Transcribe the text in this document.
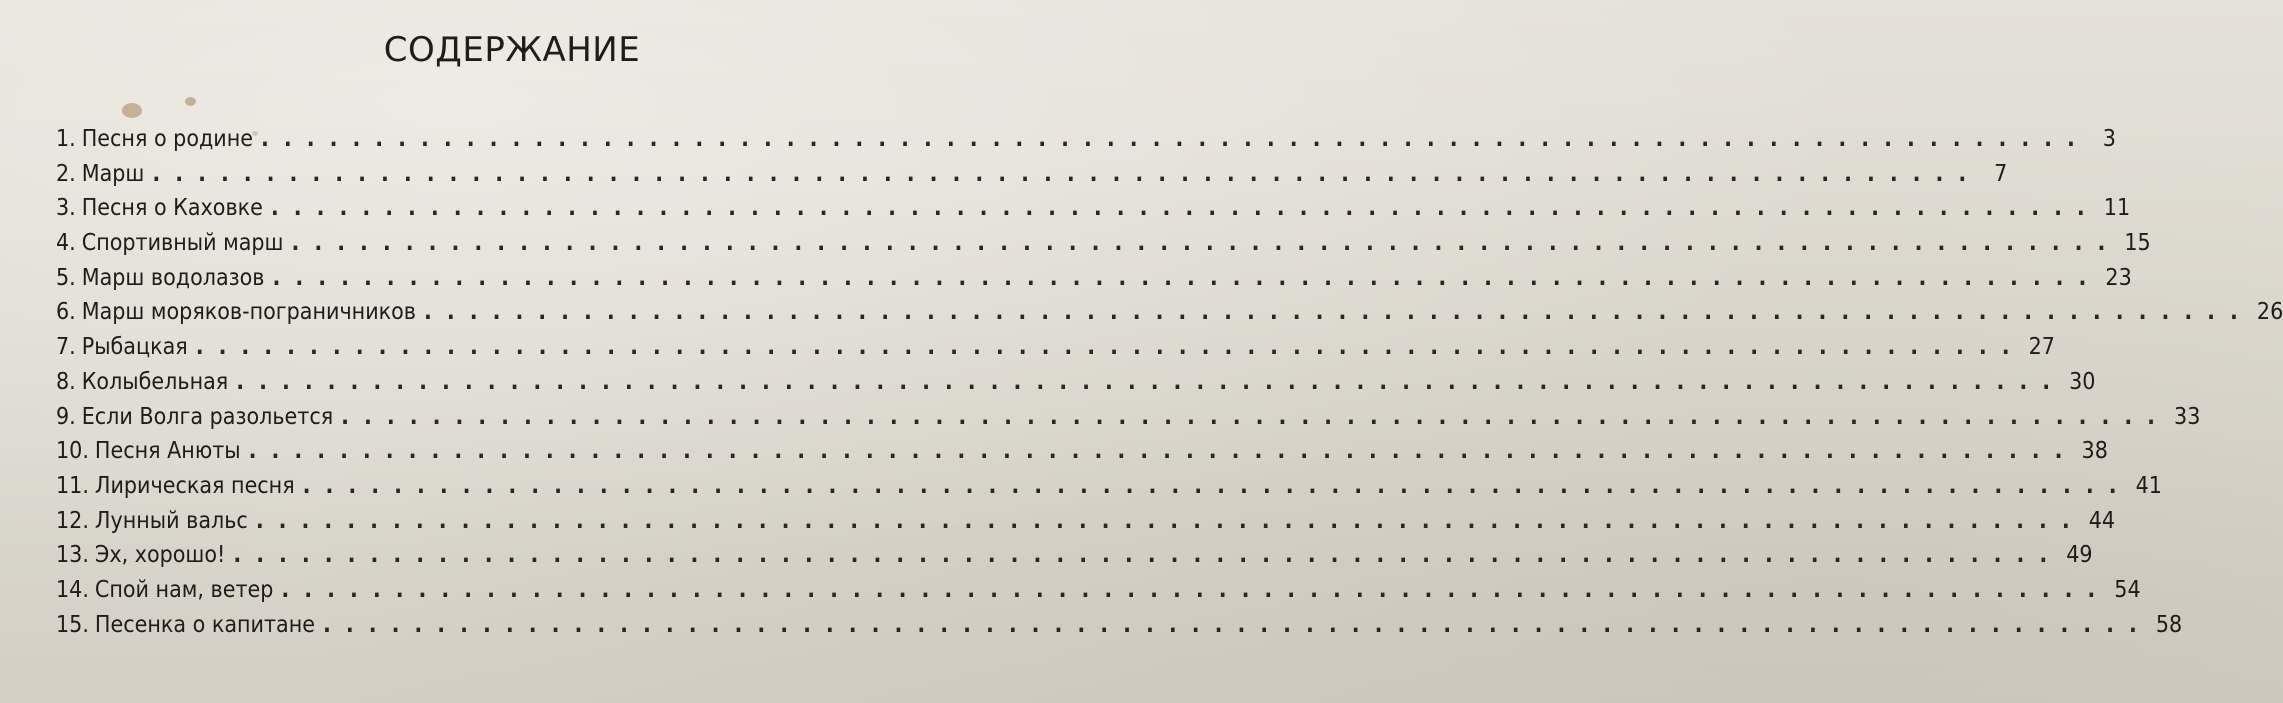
СОДЕРЖАНИЕ
1. Песня о родине ................................................................................ 3
2. Марш ................................................................................ 7
3. Песня о Каховке ................................................................................ 11
4. Спортивный марш ................................................................................ 15
5. Марш водолазов ................................................................................ 23
6. Марш моряков-пограничников ................................................................................ 26
7. Рыбацкая ................................................................................ 27
8. Колыбельная ................................................................................ 30
9. Если Волга разольется ................................................................................ 33
10. Песня Анюты ................................................................................ 38
11. Лирическая песня ................................................................................ 41
12. Лунный вальс ................................................................................ 44
13. Эх, хорошо! ................................................................................ 49
14. Спой нам, ветер ................................................................................ 54
15. Песенка о капитане ................................................................................ 58
